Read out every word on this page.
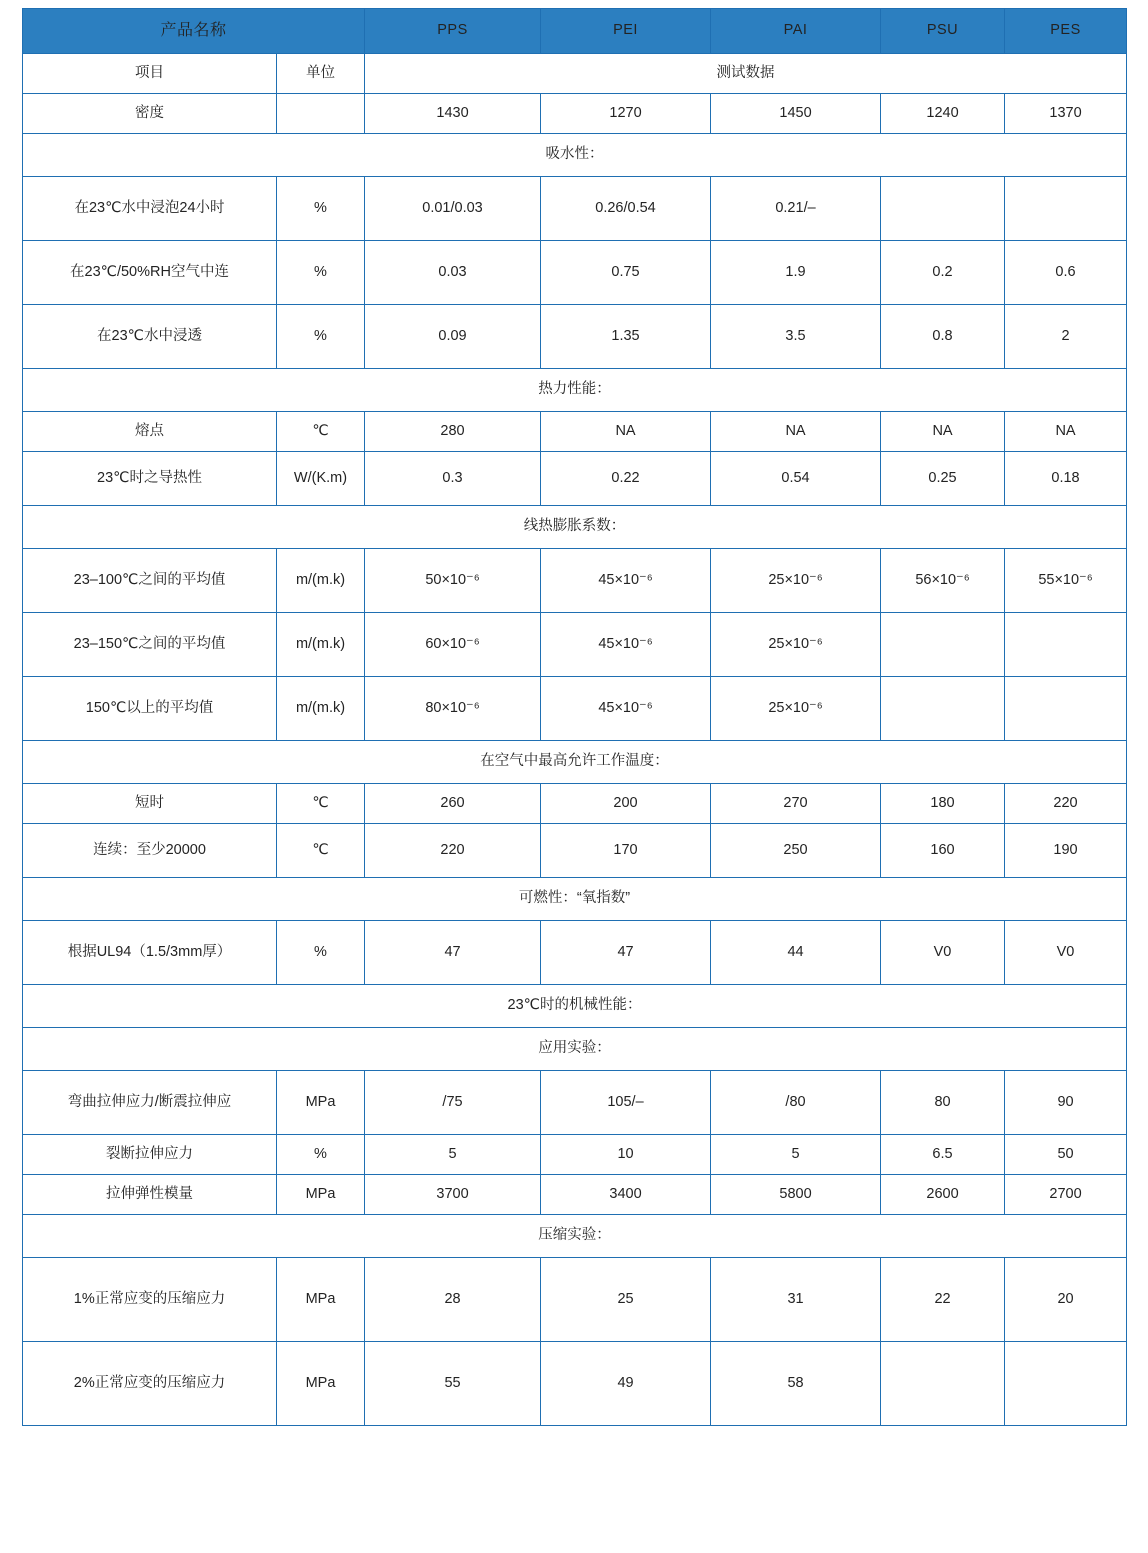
产品名称		PPS	PEI	PAI	PSU	PES
项目	单位	测试数据				
密度		1430	1270	1450	1240	1370
吸水性：						
在23℃水中浸泡24小时	%	0.01/0.03	0.26/0.54	0.21/–		
在23℃/50%RH空气中连	%	0.03	0.75	1.9	0.2	0.6
在23℃水中浸透	%	0.09	1.35	3.5	0.8	2
热力性能：						
熔点	℃	280	NA	NA	NA	NA
23℃时之导热性	W/(K.m)	0.3	0.22	0.54	0.25	0.18
线热膨胀系数：						
23–100℃之间的平均值	m/(m.k)	50×10⁻⁶	45×10⁻⁶	25×10⁻⁶	56×10⁻⁶	55×10⁻⁶
23–150℃之间的平均值	m/(m.k)	60×10⁻⁶	45×10⁻⁶	25×10⁻⁶		
150℃以上的平均值	m/(m.k)	80×10⁻⁶	45×10⁻⁶	25×10⁻⁶		
在空气中最高允许工作温度：						
短时	℃	260	200	270	180	220
连续：至少20000	℃	220	170	250	160	190
可燃性：“氧指数”						
根据UL94（1.5/3mm厚）	%	47	47	44	V0	V0
23℃时的机械性能：						
应用实验：						
弯曲拉伸应力/断震拉伸应	MPa	/75	105/–	/80	80	90
裂断拉伸应力	%	5	10	5	6.5	50
拉伸弹性模量	MPa	3700	3400	5800	2600	2700
压缩实验：						
1%正常应变的压缩应力	MPa	28	25	31	22	20
2%正常应变的压缩应力	MPa	55	49	58		
